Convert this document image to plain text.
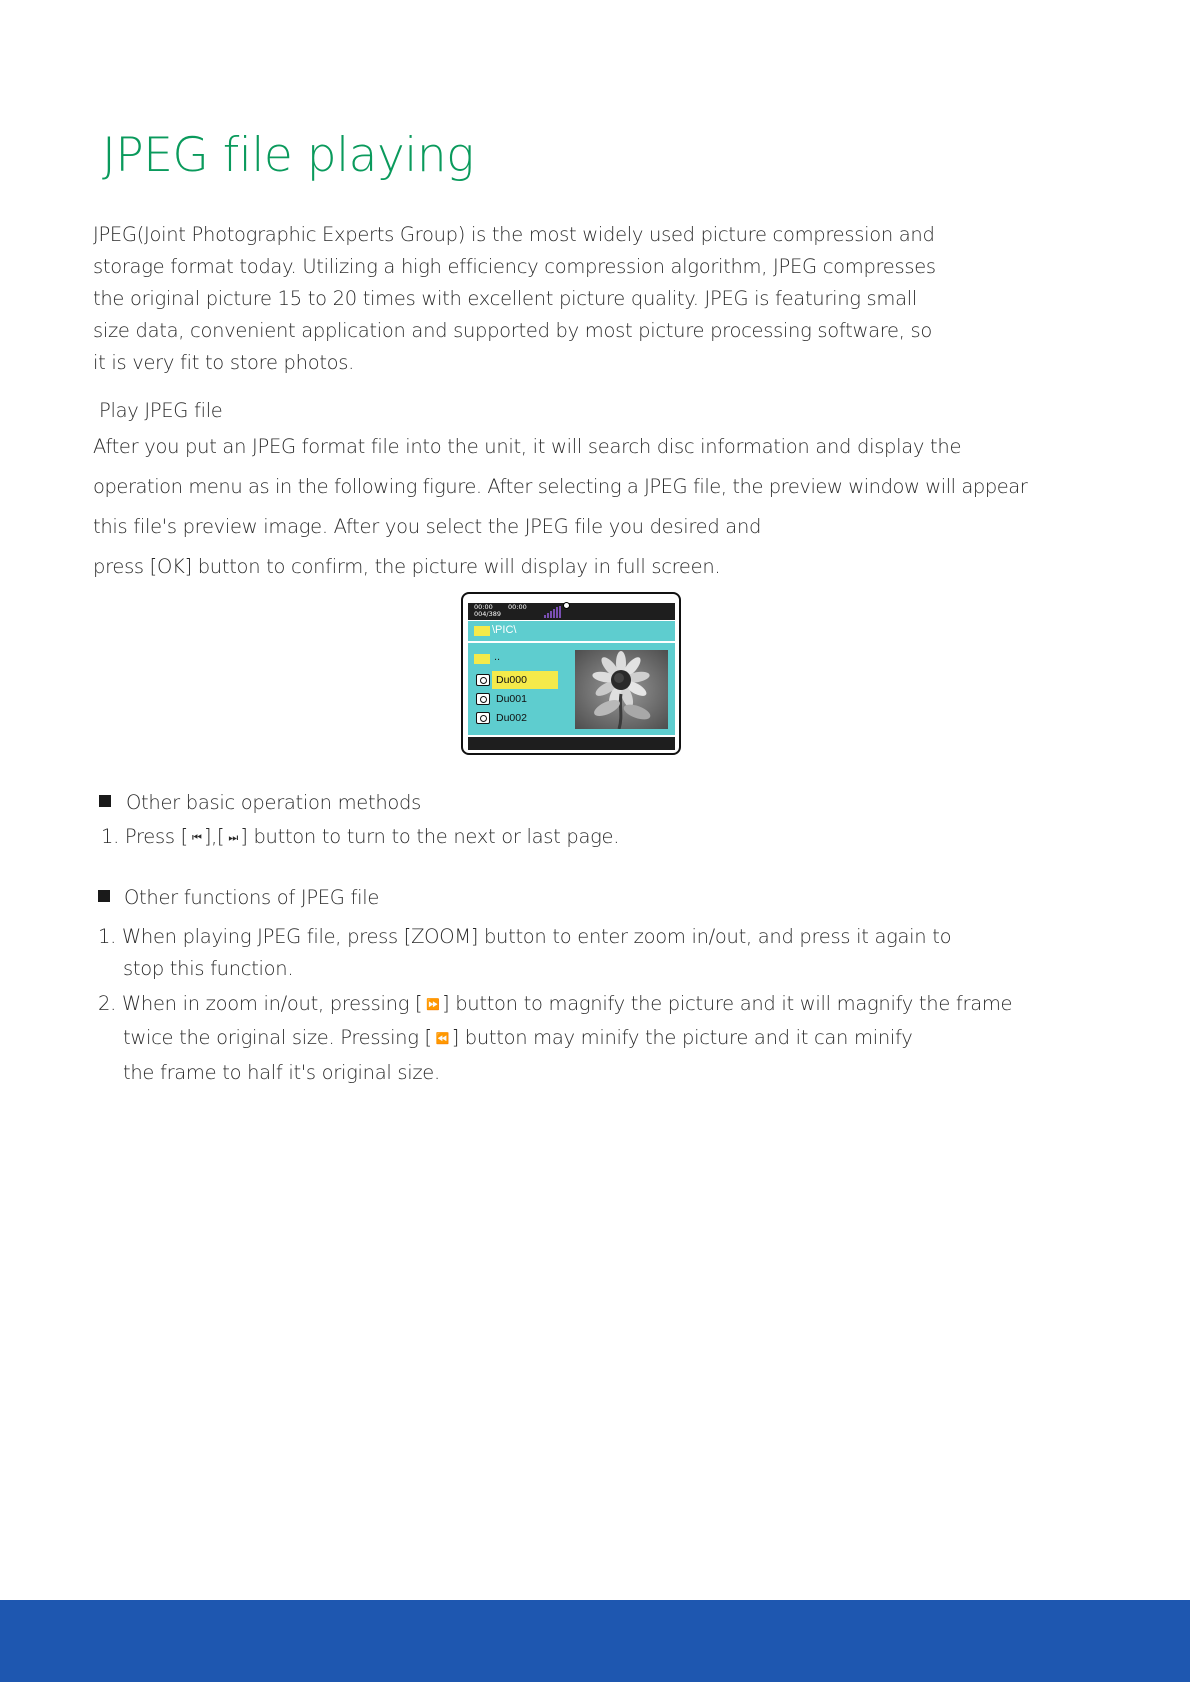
JPEG file playing
JPEG(Joint Photographic Experts Group) is the most widely used picture compression and
storage format today. Utilizing a high efficiency compression algorithm, JPEG compresses
the original picture 15 to 20 times with excellent picture quality. JPEG is featuring small
size data, convenient application and supported by most picture processing software, so
it is very fit to store photos.
Play JPEG file
After you put an JPEG format file into the unit, it will search disc information and display the
operation menu as in the following figure. After selecting a JPEG file, the preview window will appear
this file's preview image. After you select the JPEG file you desired and
press [OK] button to confirm, the picture will display in full screen.
00:00 00:00
004/389
\PIC\
..
Du000
Du001
Du002
Other basic operation methods
1. Press [ ⏮ ],[ ⏭ ] button to turn to the next or last page.
Other functions of JPEG file
1. When playing JPEG file, press [ZOOM] button to enter zoom in/out, and press it again to
stop this function.
2. When in zoom in/out, pressing [ ⏩ ] button to magnify the picture and it will magnify the frame
twice the original size. Pressing [ ⏪ ] button may minify the picture and it can minify
the frame to half it's original size.
